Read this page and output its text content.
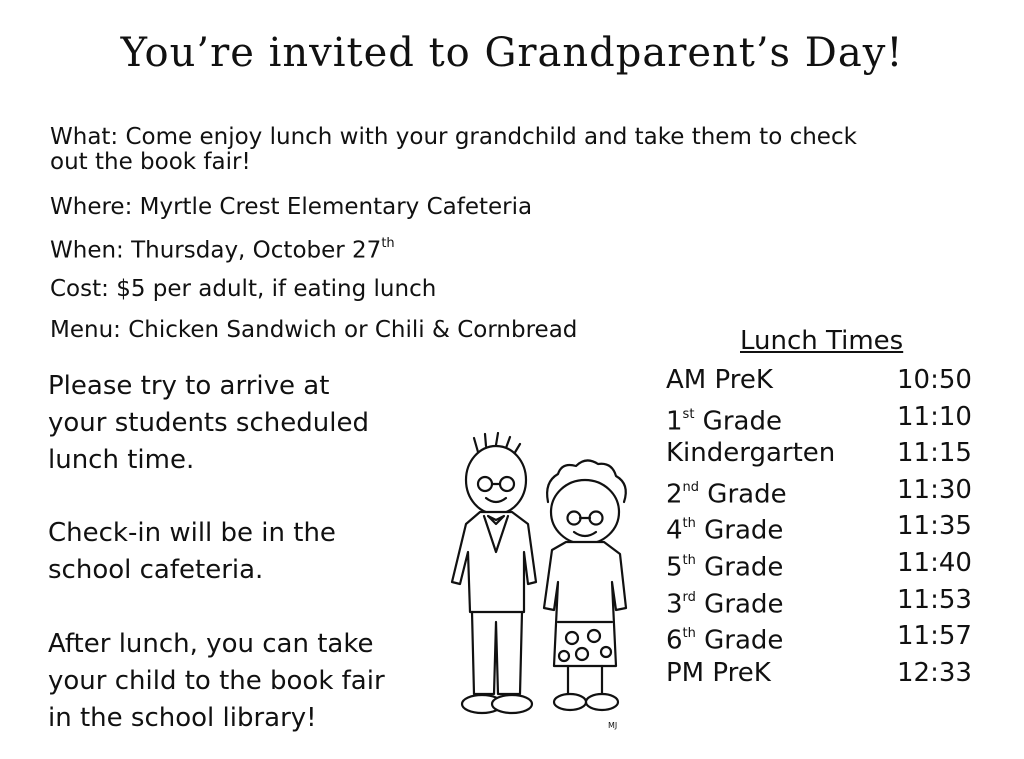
You’re invited to Grandparent’s Day!
What: Come enjoy lunch with your grandchild and take them to check
out the book fair!
Where: Myrtle Crest Elementary Cafeteria
When: Thursday, October 27th
Cost: $5 per adult, if eating lunch
Menu: Chicken Sandwich or Chili & Cornbread
Please try to arrive at
your students scheduled
lunch time.
Check-in will be in the
school cafeteria.
After lunch, you can take
your child to the book fair
in the school library!
Lunch Times
AM PreK	10:50
1st Grade	11:10
Kindergarten 11:15
2nd Grade	11:30
4th Grade	11:35
5th Grade	11:40
3rd Grade	11:53
6th Grade	11:57
PM PreK	12:33
MJ
